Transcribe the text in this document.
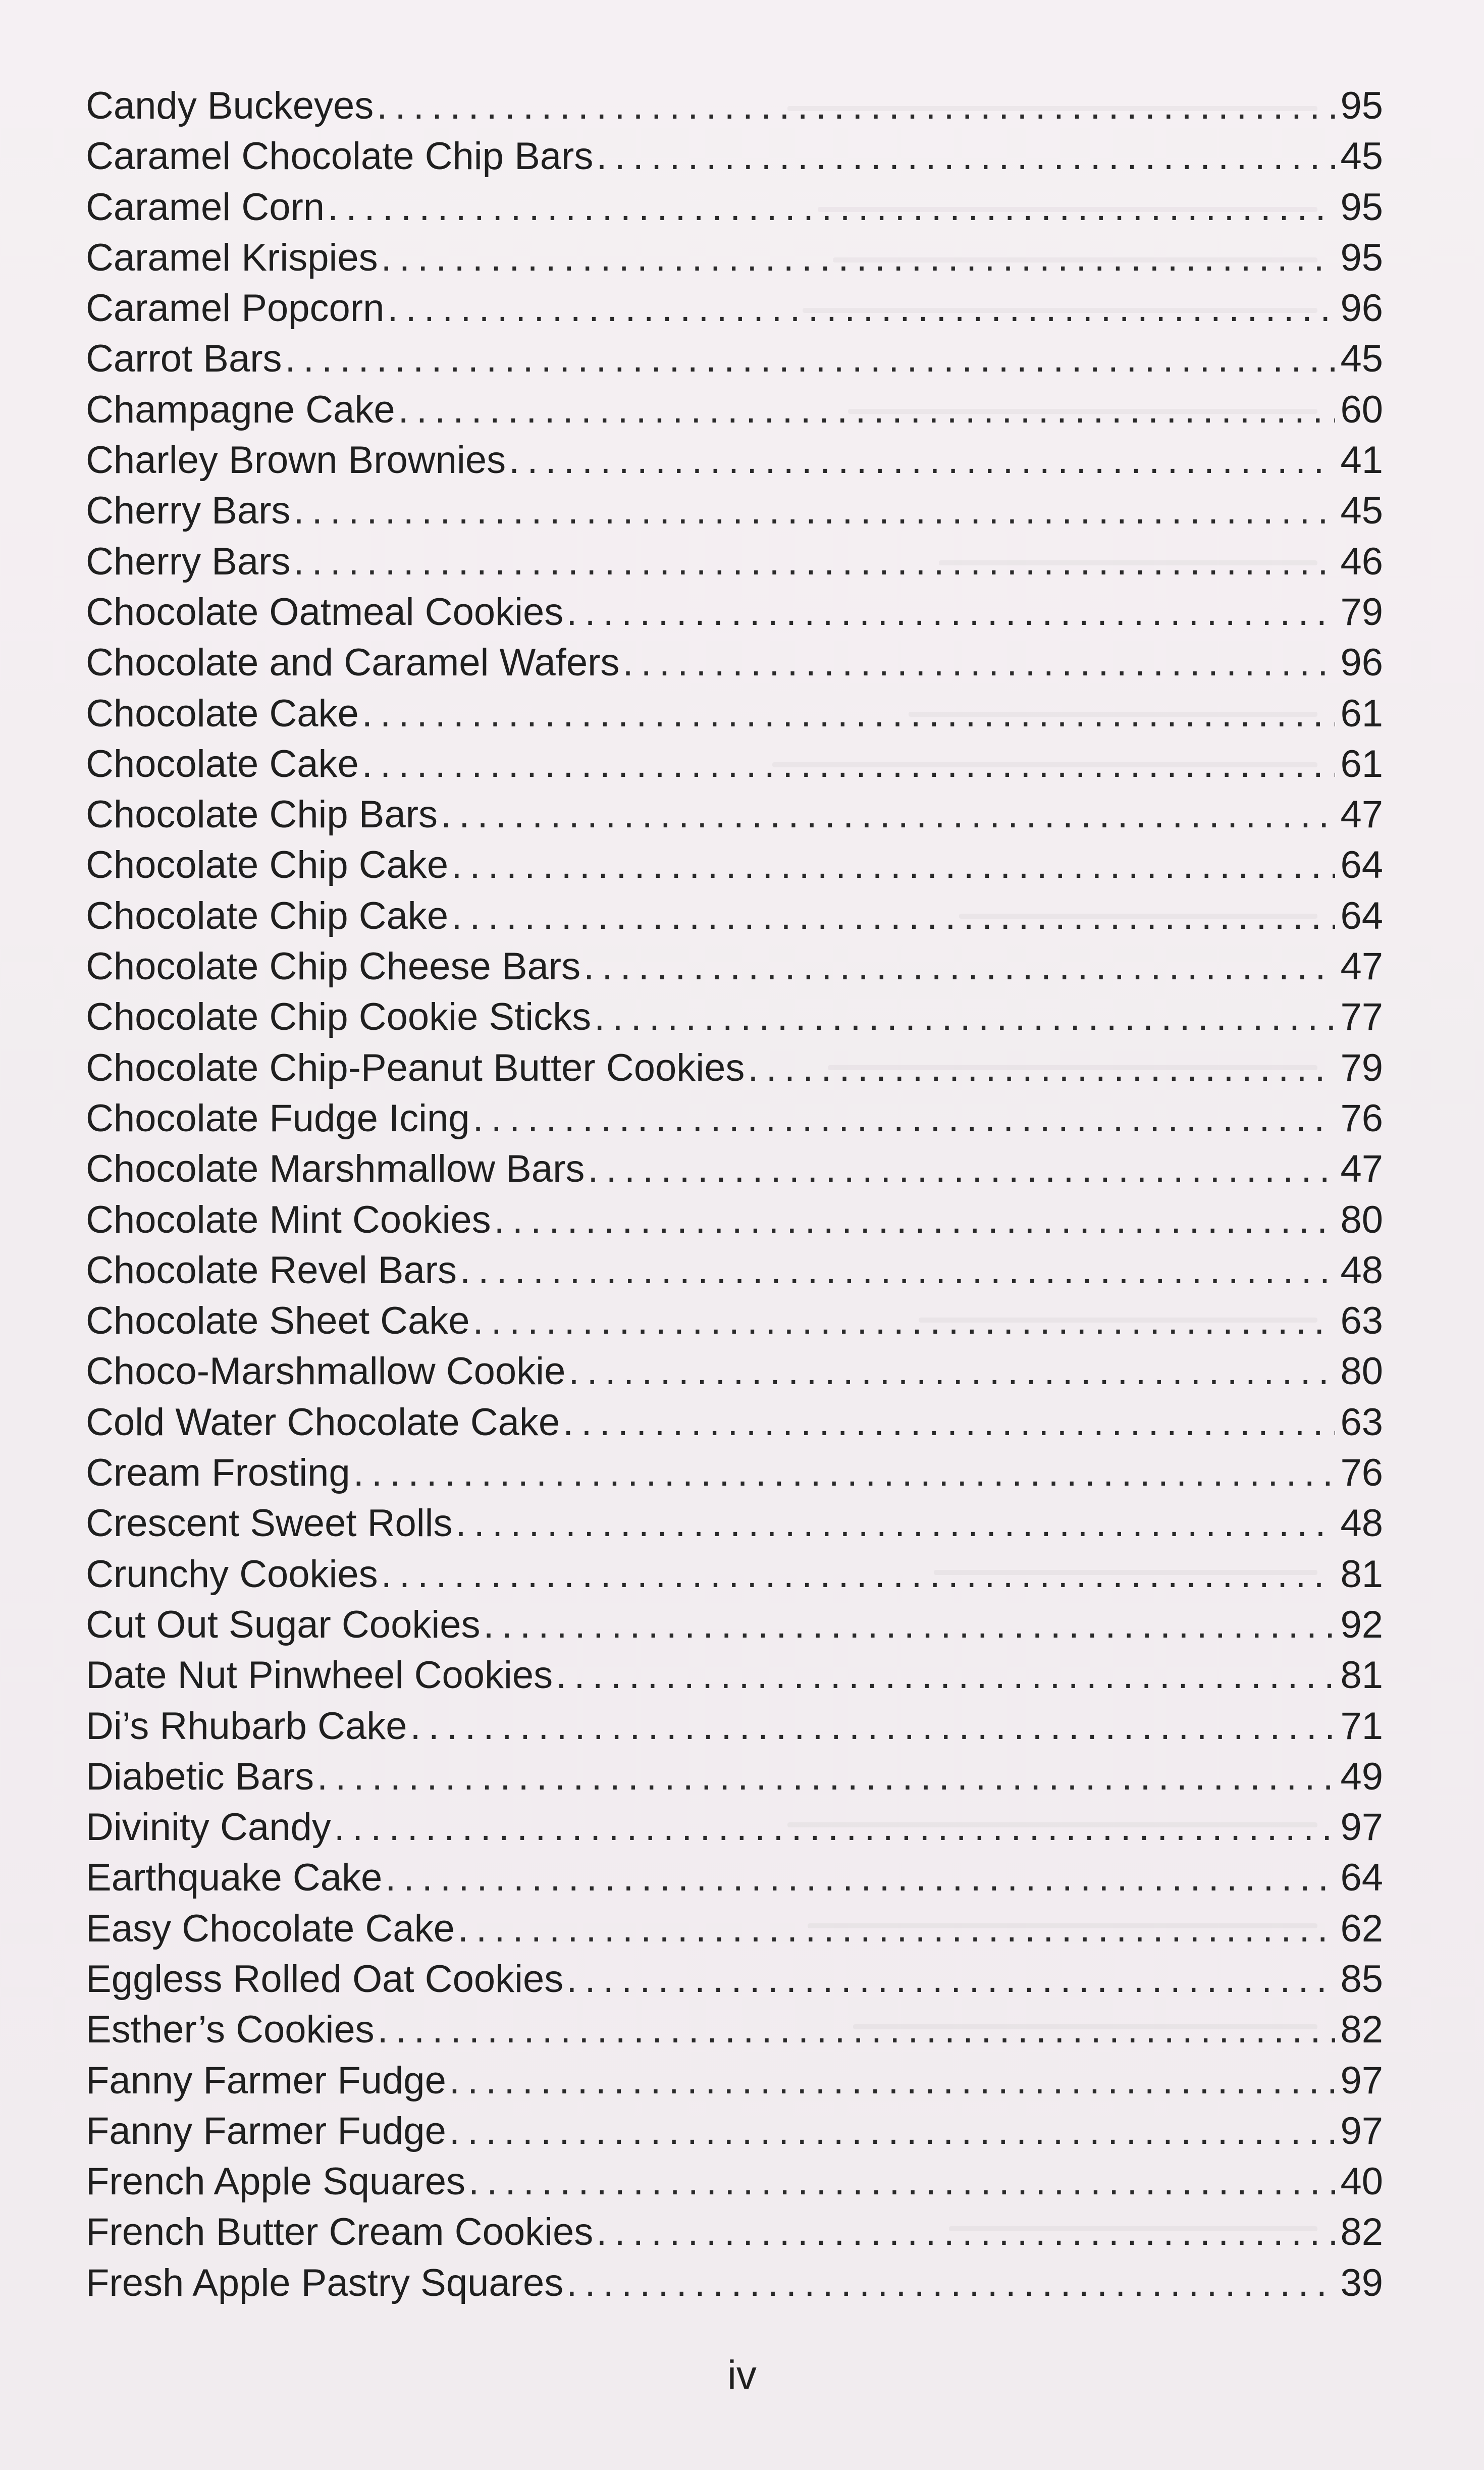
Candy Buckeyes . . .	95
Caramel Chocolate Chip Bars . . .	45
Caramel Corn . . .	95
Caramel Krispies . . .	95
Caramel Popcorn . . .	96
Carrot Bars . . .	45
Champagne Cake . . .	60
Charley Brown Brownies . . .	41
Cherry Bars . . .	45
Cherry Bars . . .	46
Chocolate Oatmeal Cookies . . .	79
Chocolate and Caramel Wafers . . .	96
Chocolate Cake . . .	61
Chocolate Cake . . .	61
Chocolate Chip Bars . . .	47
Chocolate Chip Cake . . .	64
Chocolate Chip Cake . . .	64
Chocolate Chip Cheese Bars . . .	47
Chocolate Chip Cookie Sticks . . .	77
Chocolate Chip-Peanut Butter Cookies . . .	79
Chocolate Fudge Icing . . .	76
Chocolate Marshmallow Bars . . .	47
Chocolate Mint Cookies . . .	80
Chocolate Revel Bars . . .	48
Chocolate Sheet Cake . . .	63
Choco-Marshmallow Cookie . . .	80
Cold Water Chocolate Cake . . .	63
Cream Frosting . . .	76
Crescent Sweet Rolls . . .	48
Crunchy Cookies . . .	81
Cut Out Sugar Cookies . . .	92
Date Nut Pinwheel Cookies . . .	81
Di’s Rhubarb Cake . . .	71
Diabetic Bars . . .	49
Divinity Candy . . .	97
Earthquake Cake . . .	64
Easy Chocolate Cake . . .	62
Eggless Rolled Oat Cookies . . .	85
Esther’s Cookies . . .	82
Fanny Farmer Fudge . . .	97
Fanny Farmer Fudge . . .	97
French Apple Squares . . .	40
French Butter Cream Cookies . . .	82
Fresh Apple Pastry Squares . . .	39
iv
